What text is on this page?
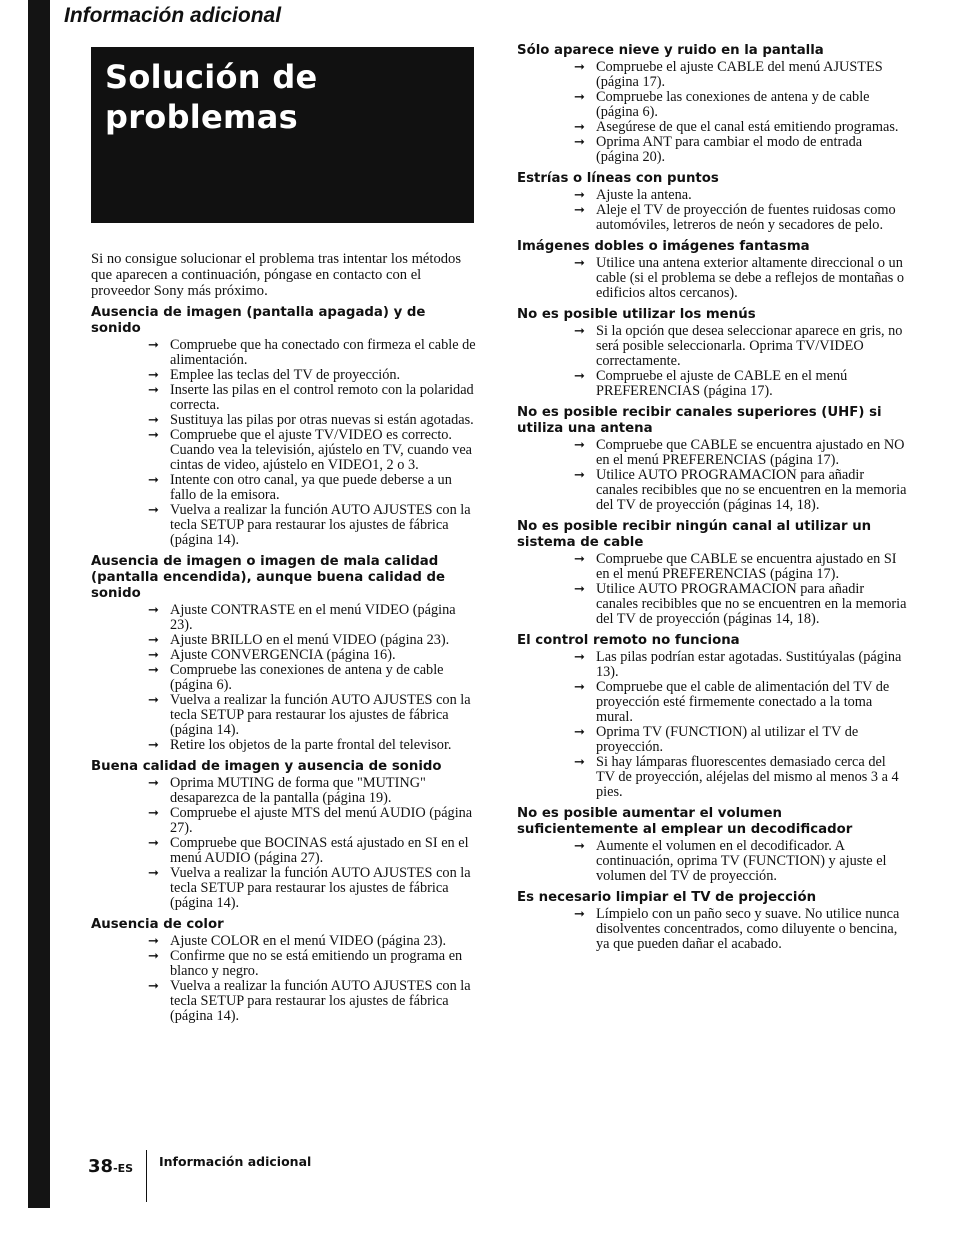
Información adicional
Solución de
problemas

Si no consigue solucionar el problema tras intentar los métodos que aparecen a continuación, póngase en contacto con el proveedor Sony más próximo.

Ausencia de imagen (pantalla apagada) y de sonido
➞ Compruebe que ha conectado con firmeza el cable de alimentación.
➞ Emplee las teclas del TV de proyección.
➞ Inserte las pilas en el control remoto con la polaridad correcta.
➞ Sustituya las pilas por otras nuevas si están agotadas.
➞ Compruebe que el ajuste TV/VIDEO es correcto. Cuando vea la televisión, ajústelo en TV, cuando vea cintas de video, ajústelo en VIDEO1, 2 o 3.
➞ Intente con otro canal, ya que puede deberse a un fallo de la emisora.
➞ Vuelva a realizar la función AUTO AJUSTES con la tecla SETUP para restaurar los ajustes de fábrica (página 14).
Ausencia de imagen o imagen de mala calidad (pantalla encendida), aunque buena calidad de sonido
➞ Ajuste CONTRASTE en el menú VIDEO (página 23).
➞ Ajuste BRILLO en el menú VIDEO (página 23).
➞ Ajuste CONVERGENCIA (página 16).
➞ Compruebe las conexiones de antena y de cable (página 6).
➞ Vuelva a realizar la función AUTO AJUSTES con la tecla SETUP para restaurar los ajustes de fábrica (página 14).
➞ Retire los objetos de la parte frontal del televisor.
Buena calidad de imagen y ausencia de sonido
➞ Oprima MUTING de forma que "MUTING" desaparezca de la pantalla (página 19).
➞ Compruebe el ajuste MTS del menú AUDIO (página 27).
➞ Compruebe que BOCINAS está ajustado en SI en el menú AUDIO (página 27).
➞ Vuelva a realizar la función AUTO AJUSTES con la tecla SETUP para restaurar los ajustes de fábrica (página 14).
Ausencia de color
➞ Ajuste COLOR en el menú VIDEO (página 23).
➞ Confirme que no se está emitiendo un programa en blanco y negro.
➞ Vuelva a realizar la función AUTO AJUSTES con la tecla SETUP para restaurar los ajustes de fábrica (página 14).
Sólo aparece nieve y ruido en la pantalla
➞ Compruebe el ajuste CABLE del menú AJUSTES (página 17).
➞ Compruebe las conexiones de antena y de cable (página 6).
➞ Asegúrese de que el canal está emitiendo programas.
➞ Oprima ANT para cambiar el modo de entrada (página 20).
Estrías o líneas con puntos
➞ Ajuste la antena.
➞ Aleje el TV de proyección de fuentes ruidosas como automóviles, letreros de neón y secadores de pelo.
Imágenes dobles o imágenes fantasma
➞ Utilice una antena exterior altamente direccional o un cable (si el problema se debe a reflejos de montañas o edificios altos cercanos).
No es posible utilizar los menús
➞ Si la opción que desea seleccionar aparece en gris, no será posible seleccionarla. Oprima TV/VIDEO correctamente.
➞ Compruebe el ajuste de CABLE en el menú PREFERENCIAS (página 17).
No es posible recibir canales superiores (UHF) si utiliza una antena
➞ Compruebe que CABLE se encuentra ajustado en NO en el menú PREFERENCIAS (página 17).
➞ Utilice AUTO PROGRAMACION para añadir canales recibibles que no se encuentren en la memoria del TV de proyección (páginas 14, 18).
No es posible recibir ningún canal al utilizar un sistema de cable
➞ Compruebe que CABLE se encuentra ajustado en SI en el menú PREFERENCIAS (página 17).
➞ Utilice AUTO PROGRAMACION para añadir canales recibibles que no se encuentren en la memoria del TV de proyección (páginas 14, 18).
El control remoto no funciona
➞ Las pilas podrían estar agotadas. Sustitúyalas (página 13).
➞ Compruebe que el cable de alimentación del TV de proyección esté firmemente conectado a la toma mural.
➞ Oprima TV (FUNCTION) al utilizar el TV de proyección.
➞ Si hay lámparas fluorescentes demasiado cerca del TV de proyección, aléjelas del mismo al menos 3 a 4 pies.
No es posible aumentar el volumen suficientemente al emplear un decodificador
➞ Aumente el volumen en el decodificador. A continuación, oprima TV (FUNCTION) y ajuste el volumen del TV de proyección.
Es necesario limpiar el TV de projección
➞ Límpielo con un paño seco y suave. No utilice nunca disolventes concentrados, como diluyente o bencina, ya que pueden dañar el acabado.
38-ES Información adicional
